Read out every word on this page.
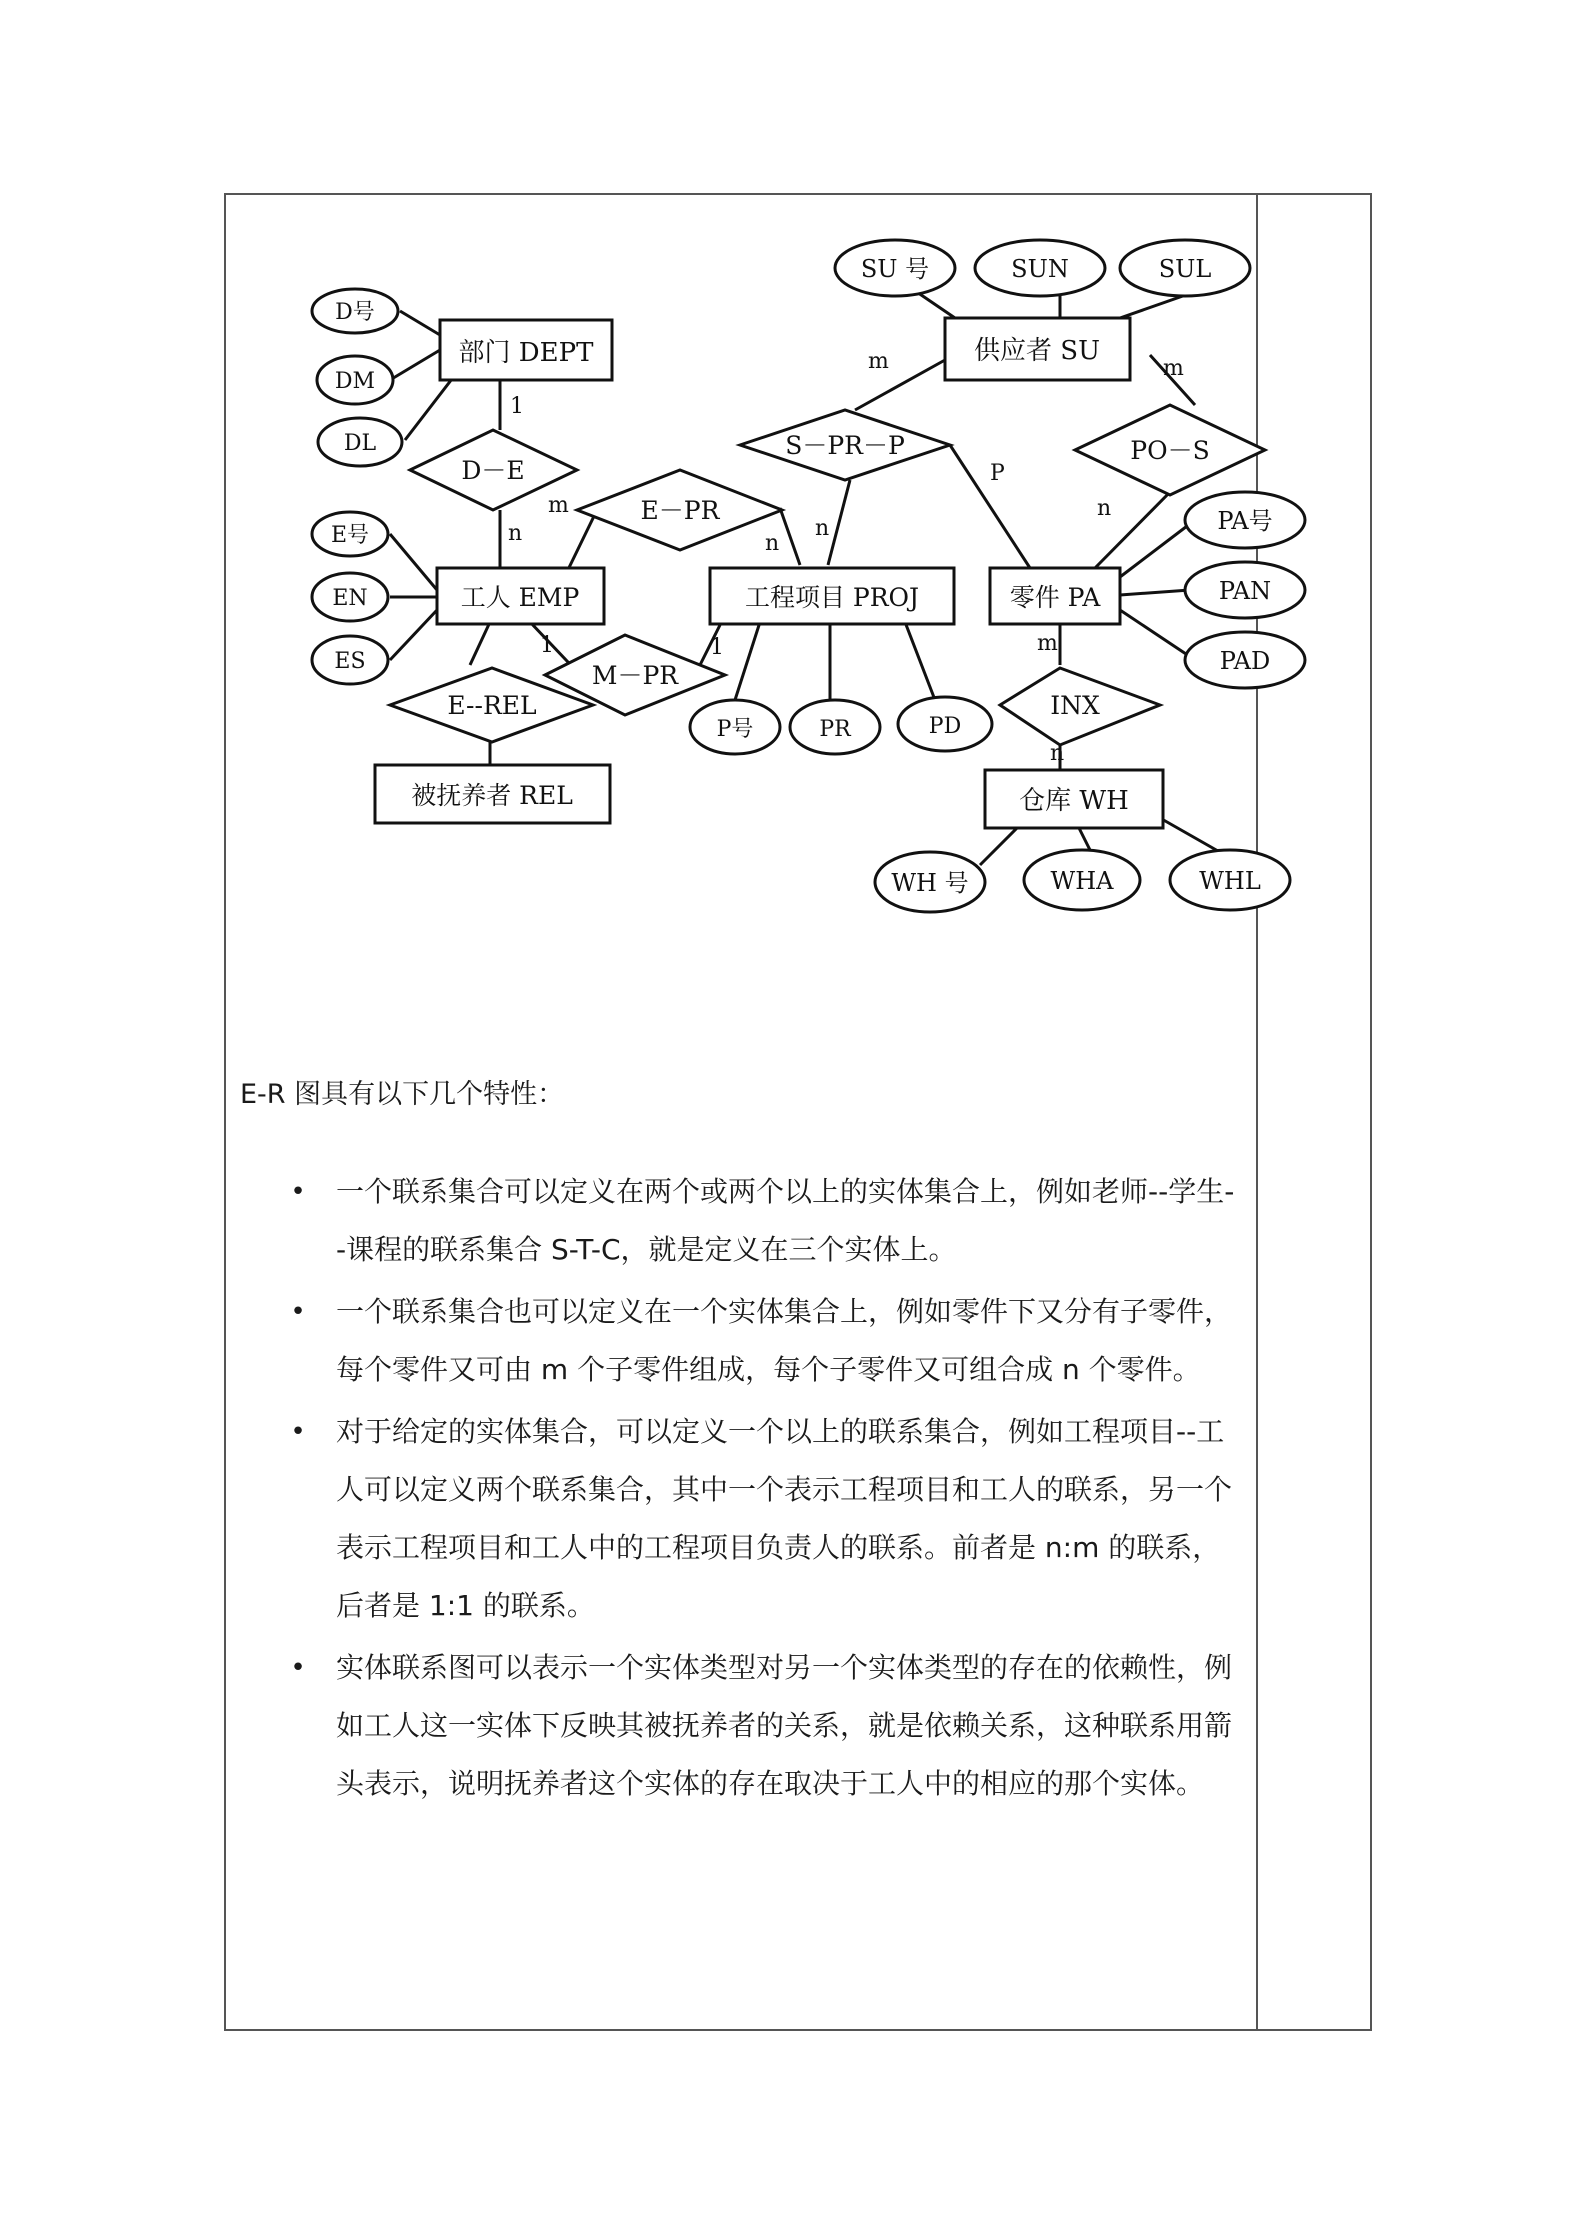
部门 DEPT
工人 EMP
被抚养者 REL
工程项目 PROJ
供应者 SU
零件 PA
仓库 WH
D－E
E－PR
M－PR
E--REL
S－PR－P	PO－S
INX
D号
DM
DL
E号
EN
ES
P号	PR	PD
SU 号	SUN	SUL
PA号
PAN
PAD
WH 号	WHA	WHL
1
n
m
n
1	1
m
n
P
m
n
m
n

E-R 图具有以下几个特性：

• 一个联系集合可以定义在两个或两个以上的实体集合上，例如老师--学生--课程的联系集合 S-T-C，就是定义在三个实体上。
• 一个联系集合也可以定义在一个实体集合上，例如零件下又分有子零件，每个零件又可由 m 个子零件组成，每个子零件又可组合成 n 个零件。
• 对于给定的实体集合，可以定义一个以上的联系集合，例如工程项目--工人可以定义两个联系集合，其中一个表示工程项目和工人的联系，另一个表示工程项目和工人中的工程项目负责人的联系。前者是 n:m 的联系，后者是 1:1 的联系。
• 实体联系图可以表示一个实体类型对另一个实体类型的存在的依赖性，例如工人这一实体下反映其被抚养者的关系，就是依赖关系，这种联系用箭头表示，说明抚养者这个实体的存在取决于工人中的相应的那个实体。
